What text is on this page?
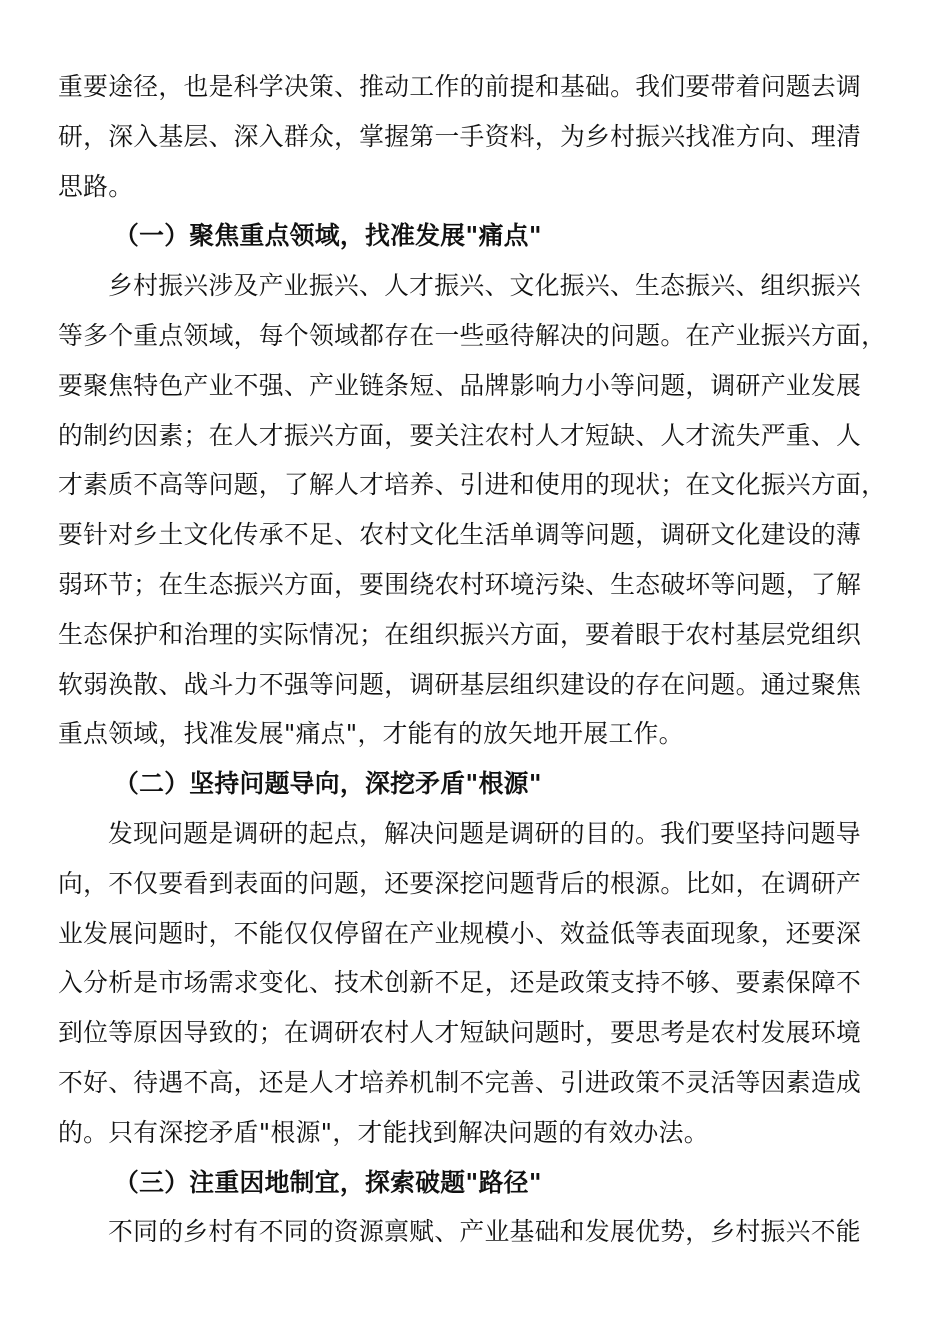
重要途径，也是科学决策、推动工作的前提和基础。我们要带着问题去调
研，深入基层、深入群众，掌握第一手资料，为乡村振兴找准方向、理清
思路。

（一）聚焦重点领域，找准发展"痛点"

乡村振兴涉及产业振兴、人才振兴、文化振兴、生态振兴、组织振兴
等多个重点领域，每个领域都存在一些亟待解决的问题。在产业振兴方面，
要聚焦特色产业不强、产业链条短、品牌影响力小等问题，调研产业发展
的制约因素；在人才振兴方面，要关注农村人才短缺、人才流失严重、人
才素质不高等问题，了解人才培养、引进和使用的现状；在文化振兴方面，
要针对乡土文化传承不足、农村文化生活单调等问题，调研文化建设的薄
弱环节；在生态振兴方面，要围绕农村环境污染、生态破坏等问题，了解
生态保护和治理的实际情况；在组织振兴方面，要着眼于农村基层党组织
软弱涣散、战斗力不强等问题，调研基层组织建设的存在问题。通过聚焦
重点领域，找准发展"痛点"，才能有的放矢地开展工作。

（二）坚持问题导向，深挖矛盾"根源"

发现问题是调研的起点，解决问题是调研的目的。我们要坚持问题导
向，不仅要看到表面的问题，还要深挖问题背后的根源。比如，在调研产
业发展问题时，不能仅仅停留在产业规模小、效益低等表面现象，还要深
入分析是市场需求变化、技术创新不足，还是政策支持不够、要素保障不
到位等原因导致的；在调研农村人才短缺问题时，要思考是农村发展环境
不好、待遇不高，还是人才培养机制不完善、引进政策不灵活等因素造成
的。只有深挖矛盾"根源"，才能找到解决问题的有效办法。

（三）注重因地制宜，探索破题"路径"

不同的乡村有不同的资源禀赋、产业基础和发展优势，乡村振兴不能
